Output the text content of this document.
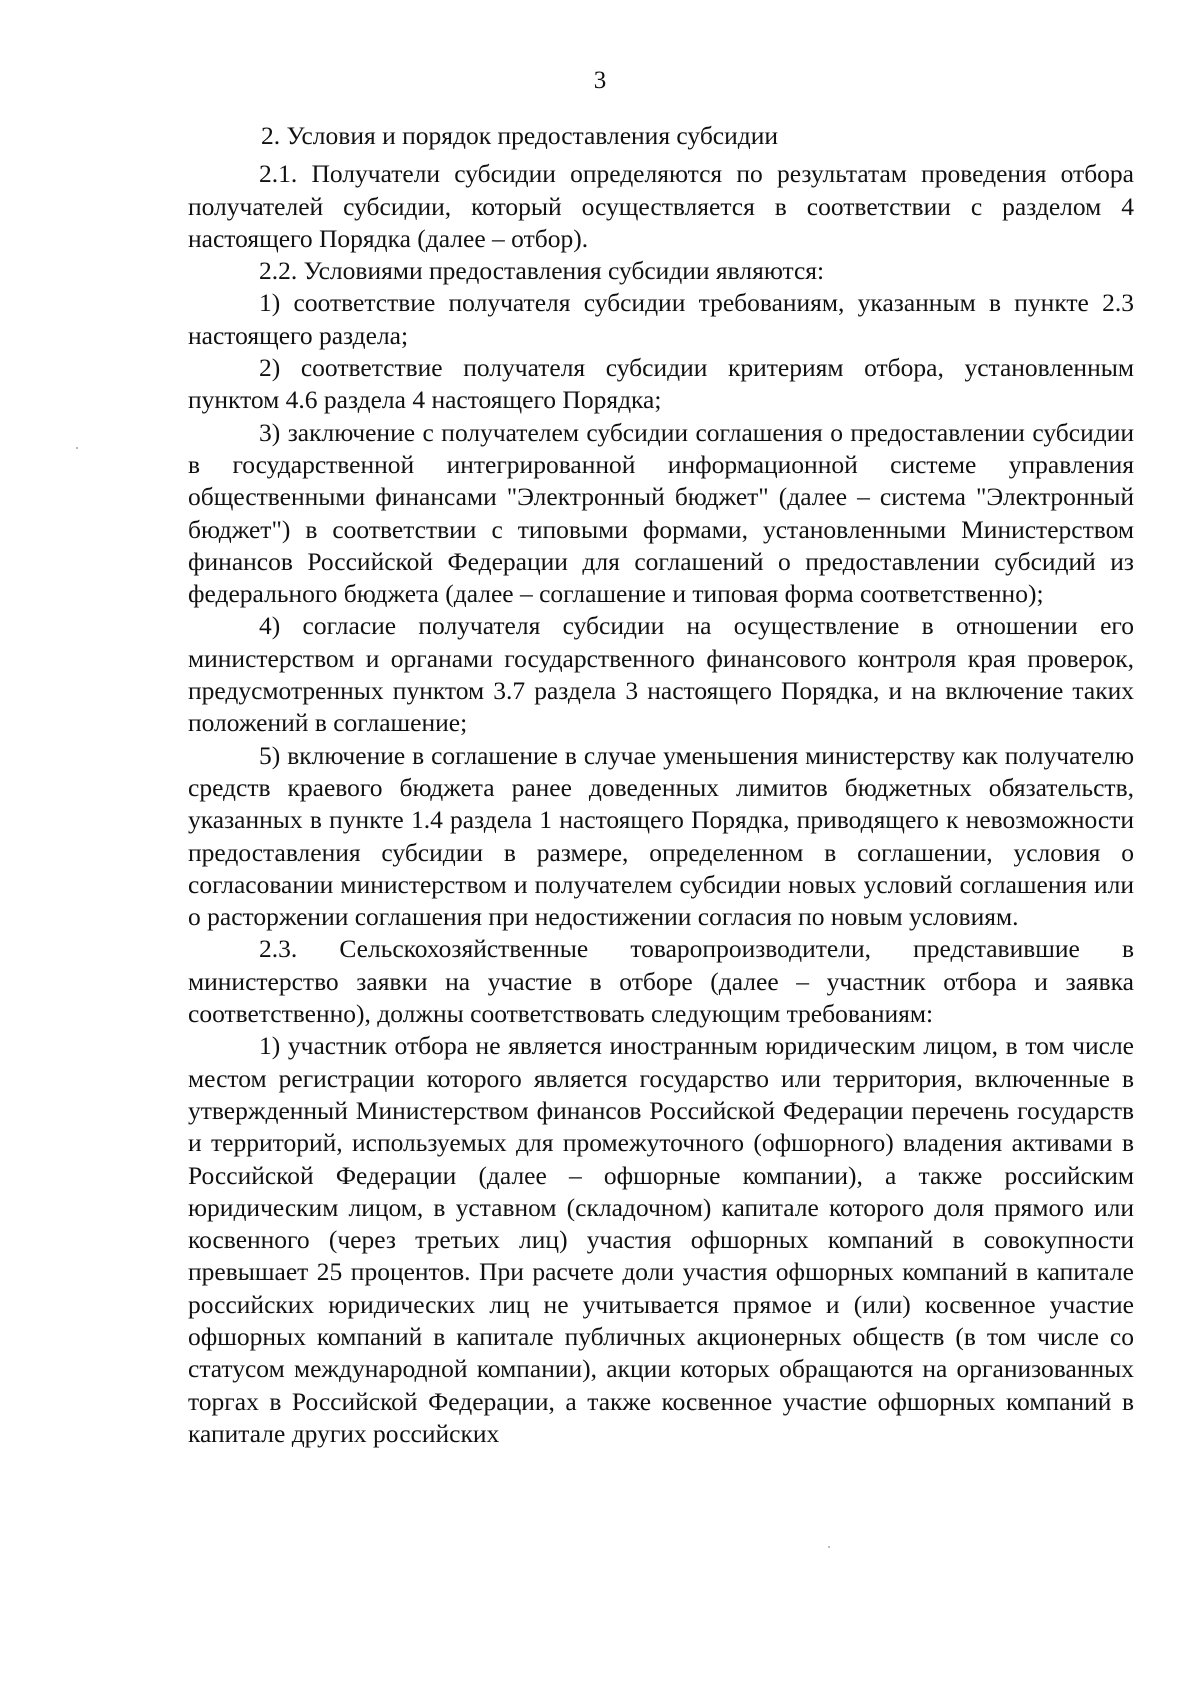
3

2. Условия и порядок предоставления субсидии

2.1. Получатели субсидии определяются по результатам проведения отбора получателей субсидии, который осуществляется в соответствии с разделом 4 настоящего Порядка (далее – отбор).

2.2. Условиями предоставления субсидии являются:

1) соответствие получателя субсидии требованиям, указанным в пункте 2.3 настоящего раздела;

2) соответствие получателя субсидии критериям отбора, установленным пунктом 4.6 раздела 4 настоящего Порядка;

3) заключение с получателем субсидии соглашения о предоставлении субсидии в государственной интегрированной информационной системе управления общественными финансами "Электронный бюджет" (далее – система "Электронный бюджет") в соответствии с типовыми формами, установленными Министерством финансов Российской Федерации для соглашений о предоставлении субсидий из федерального бюджета (далее – соглашение и типовая форма соответственно);

4) согласие получателя субсидии на осуществление в отношении его министерством и органами государственного финансового контроля края проверок, предусмотренных пунктом 3.7 раздела 3 настоящего Порядка, и на включение таких положений в соглашение;

5) включение в соглашение в случае уменьшения министерству как получателю средств краевого бюджета ранее доведенных лимитов бюджетных обязательств, указанных в пункте 1.4 раздела 1 настоящего Порядка, приводящего к невозможности предоставления субсидии в размере, определенном в соглашении, условия о согласовании министерством и получателем субсидии новых условий соглашения или о расторжении соглашения при недостижении согласия по новым условиям.

2.3. Сельскохозяйственные товаропроизводители, представившие в министерство заявки на участие в отборе (далее – участник отбора и заявка соответственно), должны соответствовать следующим требованиям:

1) участник отбора не является иностранным юридическим лицом, в том числе местом регистрации которого является государство или территория, включенные в утвержденный Министерством финансов Российской Федерации перечень государств и территорий, используемых для промежуточного (офшорного) владения активами в Российской Федерации (далее – офшорные компании), а также российским юридическим лицом, в уставном (складочном) капитале которого доля прямого или косвенного (через третьих лиц) участия офшорных компаний в совокупности превышает 25 процентов. При расчете доли участия офшорных компаний в капитале российских юридических лиц не учитывается прямое и (или) косвенное участие офшорных компаний в капитале публичных акционерных обществ (в том числе со статусом международной компании), акции которых обращаются на организованных торгах в Российской Федерации, а также косвенное участие офшорных компаний в капитале других российских
